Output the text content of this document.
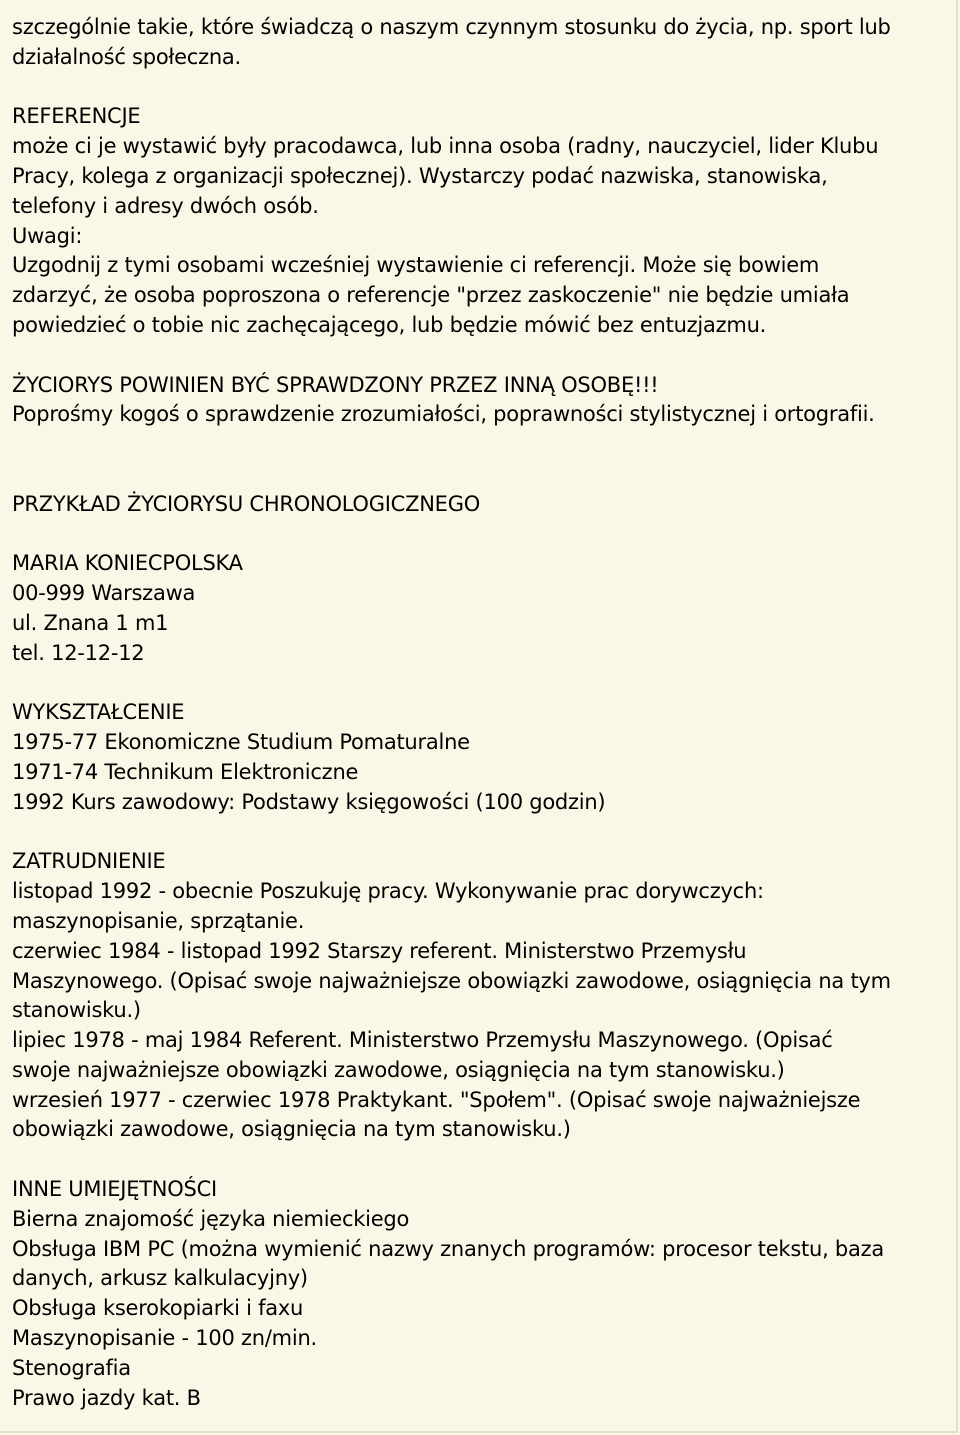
szczególnie takie, które świadczą o naszym czynnym stosunku do życia, np. sport lub
działalność społeczna.
REFERENCJE
może ci je wystawić były pracodawca, lub inna osoba (radny, nauczyciel, lider Klubu
Pracy, kolega z organizacji społecznej). Wystarczy podać nazwiska, stanowiska,
telefony i adresy dwóch osób.
Uwagi:
Uzgodnij z tymi osobami wcześniej wystawienie ci referencji. Może się bowiem
zdarzyć, że osoba poproszona o referencje "przez zaskoczenie" nie będzie umiała
powiedzieć o tobie nic zachęcającego, lub będzie mówić bez entuzjazmu.
ŻYCIORYS POWINIEN BYĆ SPRAWDZONY PRZEZ INNĄ OSOBĘ!!!
Poprośmy kogoś o sprawdzenie zrozumiałości, poprawności stylistycznej i ortografii.
PRZYKŁAD ŻYCIORYSU CHRONOLOGICZNEGO
MARIA KONIECPOLSKA
00-999 Warszawa
ul. Znana 1 m1
tel. 12-12-12
WYKSZTAŁCENIE
1975-77 Ekonomiczne Studium Pomaturalne
1971-74 Technikum Elektroniczne
1992 Kurs zawodowy: Podstawy księgowości (100 godzin)
ZATRUDNIENIE
listopad 1992 - obecnie Poszukuję pracy. Wykonywanie prac dorywczych:
maszynopisanie, sprzątanie.
czerwiec 1984 - listopad 1992 Starszy referent. Ministerstwo Przemysłu
Maszynowego. (Opisać swoje najważniejsze obowiązki zawodowe, osiągnięcia na tym
stanowisku.)
lipiec 1978 - maj 1984 Referent. Ministerstwo Przemysłu Maszynowego. (Opisać
swoje najważniejsze obowiązki zawodowe, osiągnięcia na tym stanowisku.)
wrzesień 1977 - czerwiec 1978 Praktykant. "Społem". (Opisać swoje najważniejsze
obowiązki zawodowe, osiągnięcia na tym stanowisku.)
INNE UMIEJĘTNOŚCI
Bierna znajomość języka niemieckiego
Obsługa IBM PC (można wymienić nazwy znanych programów: procesor tekstu, baza
danych, arkusz kalkulacyjny)
Obsługa kserokopiarki i faxu
Maszynopisanie - 100 zn/min.
Stenografia
Prawo jazdy kat. B
